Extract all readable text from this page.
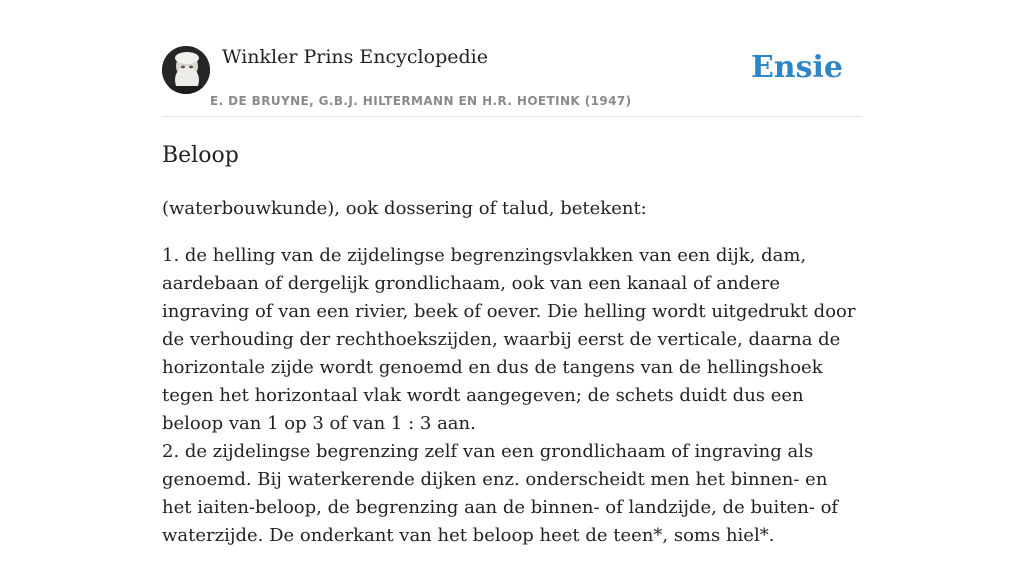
Winkler Prins Encyclopedie
E. DE BRUYNE, G.B.J. HILTERMANN EN H.R. HOETINK (1947)
Ensie
Beloop

(waterbouwkunde), ook dossering of talud, betekent:

1. de helling van de zijdelingse begrenzingsvlakken van een dijk, dam, aardebaan of dergelijk grondlichaam, ook van een kanaal of andere ingraving of van een rivier, beek of oever. Die helling wordt uitgedrukt door de verhouding der rechthoekszijden, waarbij eerst de verticale, daarna de horizontale zijde wordt genoemd en dus de tangens van de hellingshoek tegen het horizontaal vlak wordt aangegeven; de schets duidt dus een beloop van 1 op 3 of van 1 : 3 aan.
2. de zijdelingse begrenzing zelf van een grondlichaam of ingraving als genoemd. Bij waterkerende dijken enz. onderscheidt men het binnen- en het iaiten-beloop, de begrenzing aan de binnen- of landzijde, de buiten- of waterzijde. De onderkant van het beloop heet de teen*, soms hiel*.
